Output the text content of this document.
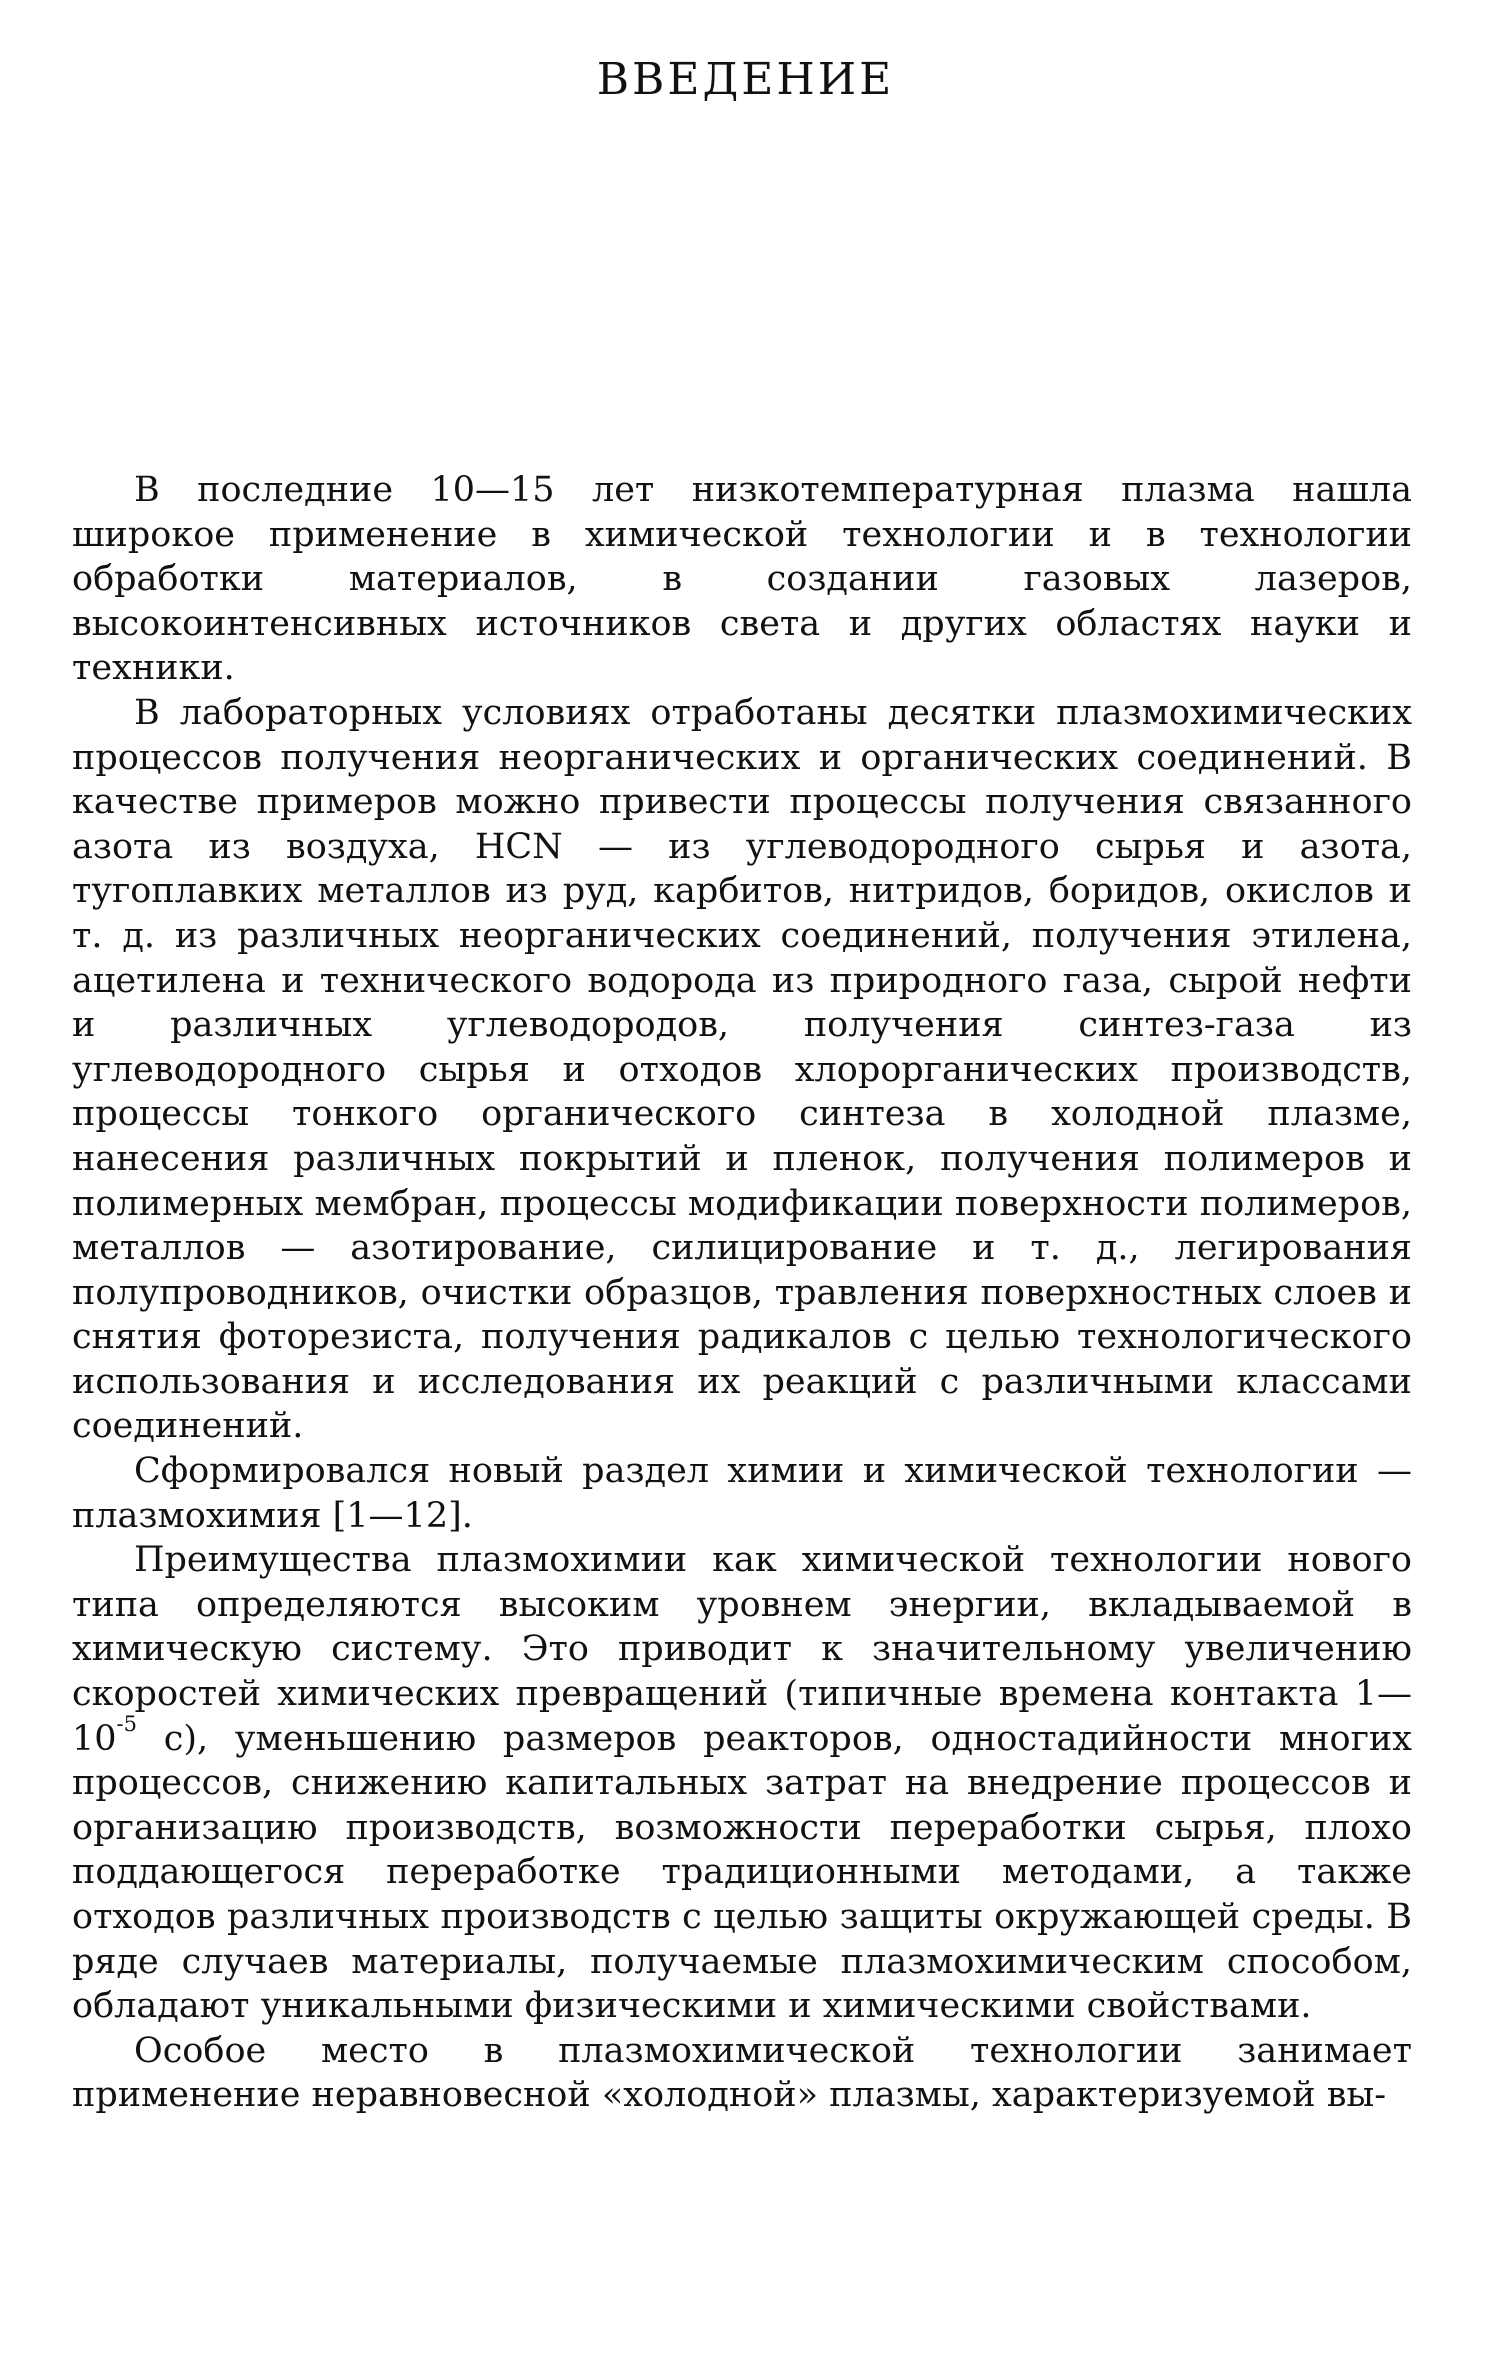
ВВЕДЕНИЕ

В последние 10—15 лет низкотемпературная плазма нашла широкое применение в химической технологии и в технологии обработки материалов, в создании газовых лазеров, высокоинтенсивных источников света и других областях науки и техники.

В лабораторных условиях отработаны десятки плазмохимических процессов получения неорганических и органических соединений. В качестве примеров можно привести процессы получения связанного азота из воздуха, HCN — из углеводородного сырья и азота, тугоплавких металлов из руд, карбитов, нитридов, боридов, окислов и т. д. из различных неорганических соединений, получения этилена, ацетилена и технического водорода из природного газа, сырой нефти и различных углеводородов, получения синтез-газа из углеводородного сырья и отходов хлорорганических производств, процессы тонкого органического синтеза в холодной плазме, нанесения различных покрытий и пленок, получения полимеров и полимерных мембран, процессы модификации поверхности полимеров, металлов — азотирование, силицирование и т. д., легирования полупроводников, очистки образцов, травления поверхностных слоев и снятия фоторезиста, получения радикалов с целью технологического использования и исследования их реакций с различными классами соединений.

Сформировался новый раздел химии и химической технологии — плазмохимия [1—12].

Преимущества плазмохимии как химической технологии нового типа определяются высоким уровнем энергии, вкладываемой в химическую систему. Это приводит к значительному увеличению скоростей химических превращений (типичные времена контакта $1—10^{-5}$ с), уменьшению размеров реакторов, одностадийности многих процессов, снижению капитальных затрат на внедрение процессов и организацию производств, возможности переработки сырья, плохо поддающегося переработке традиционными методами, а также отходов различных производств с целью защиты окружающей среды. В ряде случаев материалы, получаемые плазмохимическим способом, обладают уникальными физическими и химическими свойствами.

Особое место в плазмохимической технологии занимает применение неравновесной «холодной» плазмы, характеризуемой вы-
